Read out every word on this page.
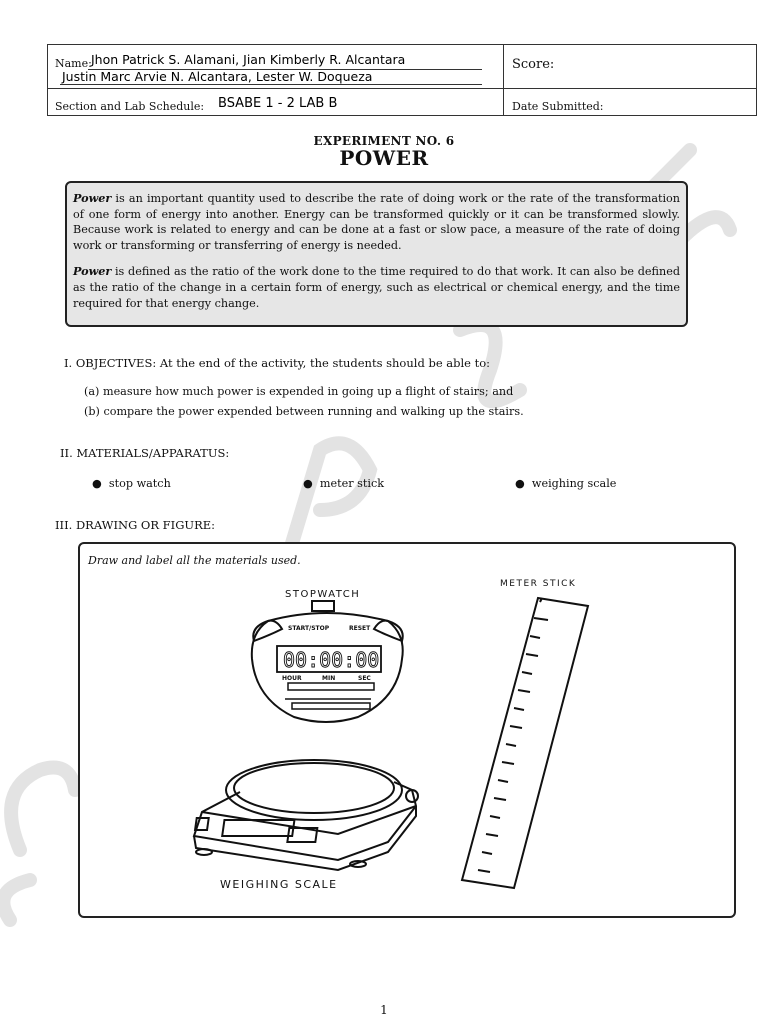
Name: Jhon Patrick S. Alamani, Jian Kimberly R. Alcantara
Justin Marc Arvie N. Alcantara, Lester W. Doqueza
Score:
Section and Lab Schedule: BSABE 1 - 2 LAB B	Date Submitted:
EXPERIMENT NO. 6
POWER

Power is an important quantity used to describe the rate of doing work or the rate of the transformation of one form of energy into another. Energy can be transformed quickly or it can be transformed slowly. Because work is related to energy and can be done at a fast or slow pace, a measure of the rate of doing work or transforming or transferring of energy is needed.

Power is defined as the ratio of the work done to the time required to do that work. It can also be defined as the ratio of the change in a certain form of energy, such as electrical or chemical energy, and the time required for that energy change.

I. OBJECTIVES: At the end of the activity, the students should be able to:
(a) measure how much power is expended in going up a flight of stairs; and
(b) compare the power expended between running and walking up the stairs.
II. MATERIALS/APPARATUS:
●  stop watch	●  meter stick	●  weighing scale
III. DRAWING OR FIGURE:
Draw and label all the materials used.
STOPWATCH
METER STICK
WEIGHING SCALE
START/STOP	RESET
00:00:00
HOUR	MIN	SEC
1
